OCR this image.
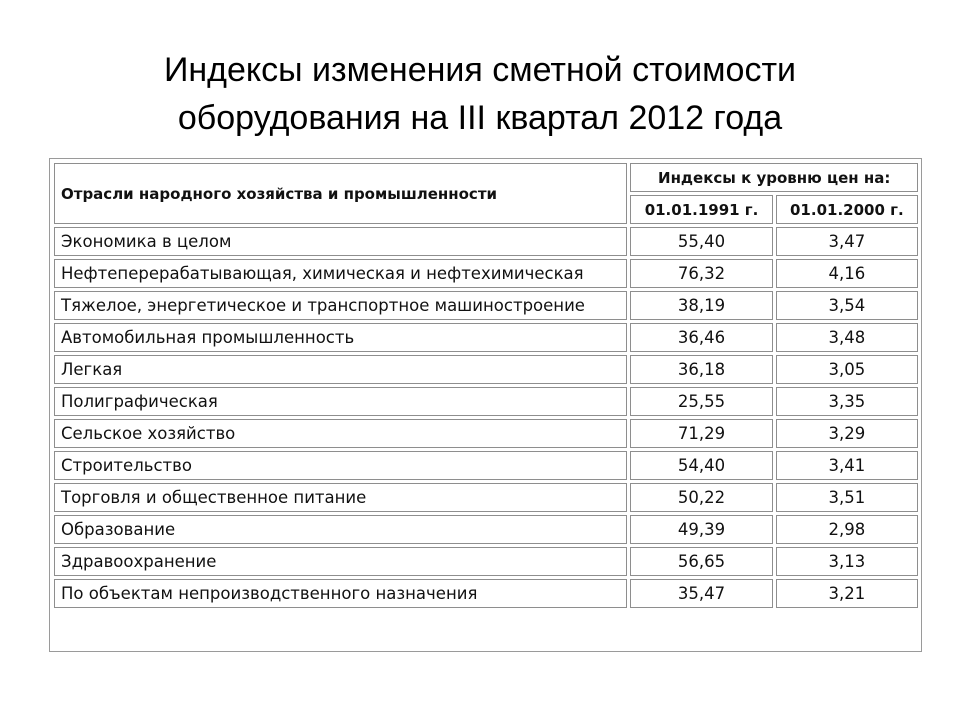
Индексы изменения сметной стоимости
оборудования на III квартал 2012 года
Отрасли народного хозяйства и промышленности	Индексы к уровню цен на:	
	01.01.1991 г.	01.01.2000 г.
Экономика в целом	55,40	3,47
Нефтеперерабатывающая, химическая и нефтехимическая	76,32	4,16
Тяжелое, энергетическое и транспортное машиностроение	38,19	3,54
Автомобильная промышленность	36,46	3,48
Легкая	36,18	3,05
Полиграфическая	25,55	3,35
Сельское хозяйство	71,29	3,29
Строительство	54,40	3,41
Торговля и общественное питание	50,22	3,51
Образование	49,39	2,98
Здравоохранение	56,65	3,13
По объектам непроизводственного назначения	35,47	3,21
